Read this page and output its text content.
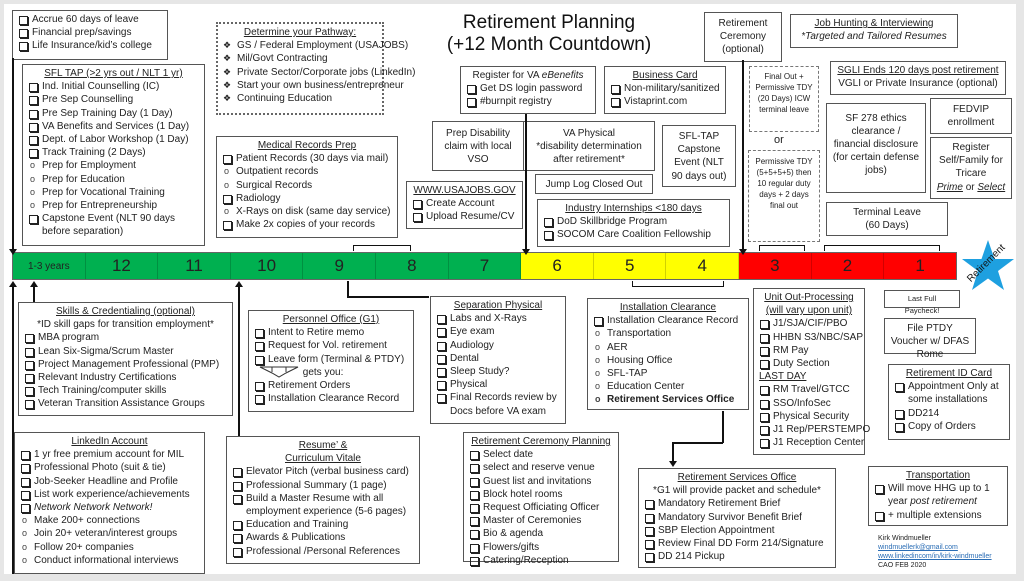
Retirement Planning
(+12 Month Countdown)
Accrue 60 days of leave
Financial prep/savings
Life Insurance/kid’s college
SFL TAP (>2 yrs out / NLT 1 yr)
Ind. Initial Counselling (IC)
Pre Sep Counselling
Pre Sep Training Day (1 Day)
VA Benefits and Services (1 Day)
Dept. of Labor Workshop (1 Day)
Track Training (2 Days)
o Prep for Employment
o Prep for Education
o Prep for Vocational Training
o Prep for Entrepreneurship
Capstone Event (NLT 90 days before separation)
Determine your Pathway:
❖ GS / Federal Employment (USAJOBS)
❖ Mil/Govt Contracting
❖ Private Sector/Corporate jobs (LinkedIn)
❖ Start your own business/entrepreneur
❖ Continuing Education
Medical Records Prep
Patient Records (30 days via mail)
o Outpatient records
o Surgical Records
Radiology
o X-Rays on disk (same day service)
Make 2x copies of your records
Register for VA eBenefits
Get DS login password
#burnpit registry
Business Card
Non-military/sanitized
Vistaprint.com
Retirement Ceremony (optional)
Job Hunting & Interviewing
*Targeted and Tailored Resumes
Prep Disability claim with local VSO
VA Physical
*disability determination after retirement*
SFL-TAP Capstone Event (NLT 90 days out)
WWW.USAJOBS.GOV
Create Account
Upload Resume/CV
Jump Log Closed Out
Industry Internships <180 days
DoD Skillbridge Program
SOCOM Care Coalition Fellowship
Final Out + Permissive TDY (20 Days) ICW terminal leave
or
Permissive TDY (5+5+5+5) then 10 regular duty days + 2 days final out
SGLI Ends 120 days post retirement
VGLI or Private Insurance (optional)
SF 278 ethics clearance / financial disclosure (for certain defense jobs)
FEDVIP enrollment
Register Self/Family for Tricare
Prime or Select
Terminal Leave (60 Days)
1-3 years	12	11	10	9	8	7	6	5	4	3	2	1	Retirement
Skills & Credentialing (optional)
*ID skill gaps for transition employment*
MBA program
Lean Six-Sigma/Scrum Master
Project Management Professional (PMP)
Relevant Industry Certifications
Tech Training/computer skills
Veteran Transition Assistance Groups
LinkedIn Account
1 yr free premium account for MIL
Professional Photo (suit & tie)
Job-Seeker Headline and Profile
List work experience/achievements
Network Network Network!
o Make 200+ connections
o Join 20+ veteran/interest groups
o Follow 20+ companies
o Conduct informational interviews
Personnel Office (G1)
Intent to Retire memo
Request for Vol. retirement
Leave form (Terminal & PTDY)
gets you:
Retirement Orders
Installation Clearance Record
Resume’ &
Curriculum Vitale
Elevator Pitch (verbal business card)
Professional Summary (1 page)
Build a Master Resume with all employment experience (5-6 pages)
Education and Training
Awards & Publications
Professional /Personal References
Separation Physical
Labs and X-Rays
Eye exam
Audiology
Dental
Sleep Study?
Physical
Final Records review by Docs before VA exam
Retirement Ceremony Planning
Select date
select and reserve venue
Guest list and invitations
Block hotel rooms
Request Officiating Officer
Master of Ceremonies
Bio & agenda
Flowers/gifts
Catering/Reception
Installation Clearance
Installation Clearance Record
o Transportation
o AER
o Housing Office
o SFL-TAP
o Education Center
o Retirement Services Office
Retirement Services Office
*G1 will provide packet and schedule*
Mandatory Retirement Brief
Mandatory Survivor Benefit Brief
SBP Election Appointment
Review Final DD Form 214/Signature
DD 214 Pickup
Unit Out-Processing
(will vary upon unit)
J1/SJA/CIF/PBO
HHBN S3/NBC/SAP
RM Pay
Duty Section
LAST DAY
RM Travel/GTCC
SSO/InfoSec
Physical Security
J1 Rep/PERSTEMPO
J1 Reception Center
Last Full Paycheck!
File PTDY Voucher w/ DFAS Rome
Retirement ID Card
Appointment Only at some installations
DD214
Copy of Orders
Transportation
Will move HHG up to 1 year post retirement
+ multiple extensions
Kirk Windmueller
windmuellerk@gmail.com
www.linkedincom/in/kirk-windmueller
CAO FEB 2020
